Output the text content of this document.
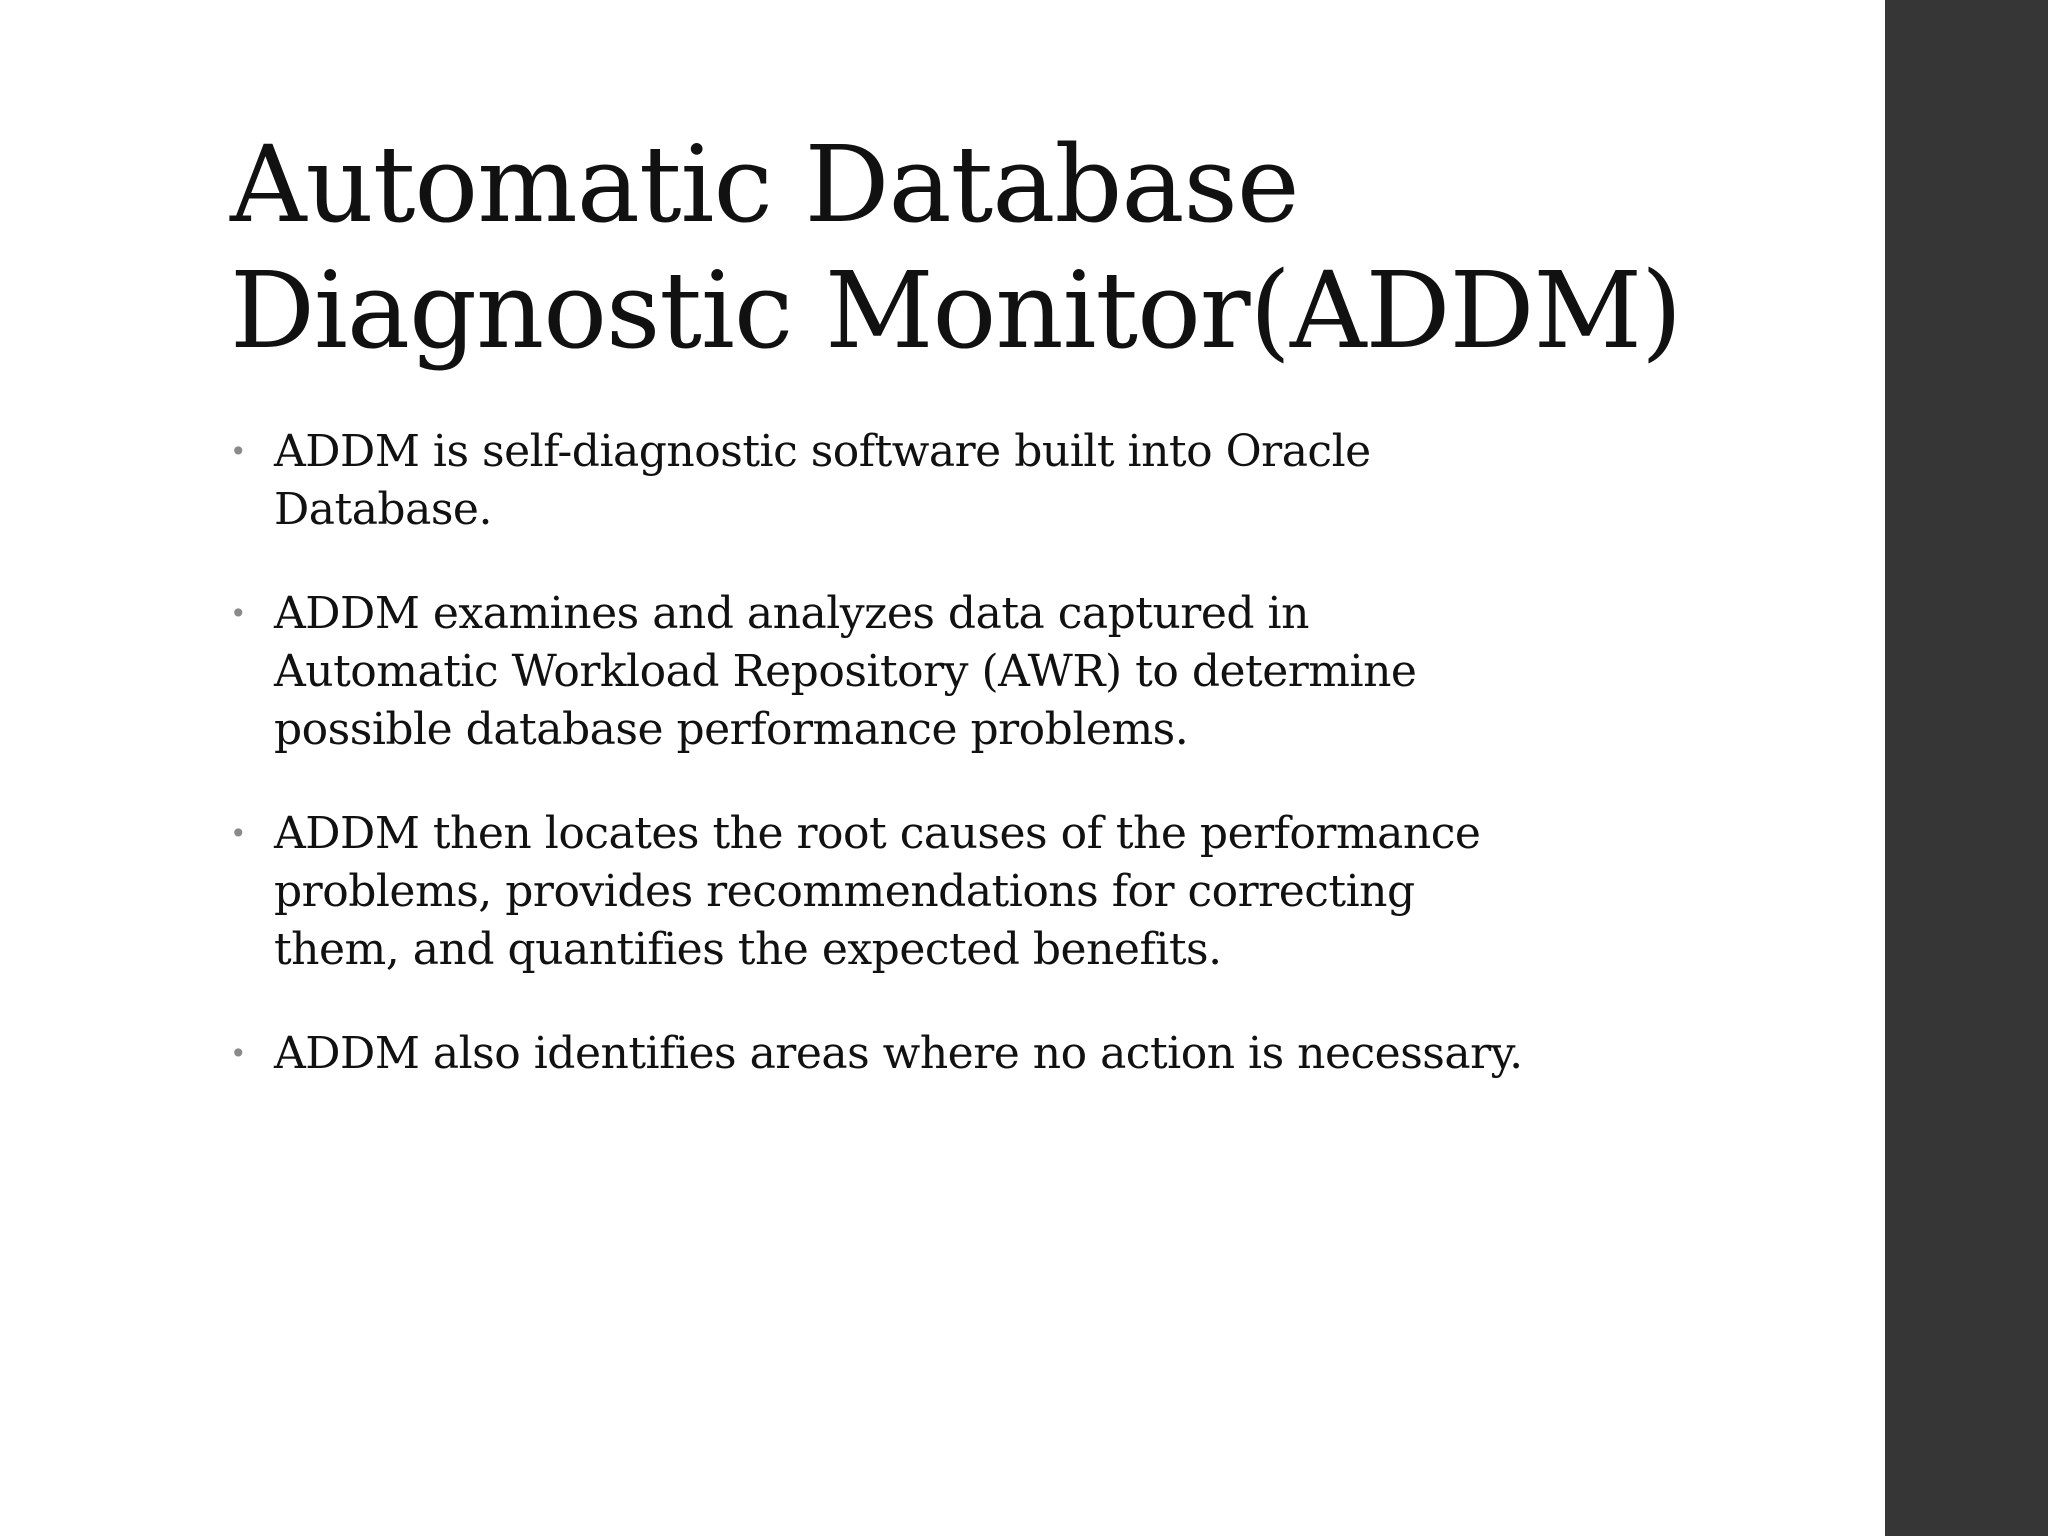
Automatic Database
Diagnostic Monitor(ADDM)
• ADDM is self-diagnostic software built into Oracle
Database.
• ADDM examines and analyzes data captured in
Automatic Workload Repository (AWR) to determine
possible database performance problems.
• ADDM then locates the root causes of the performance
problems, provides recommendations for correcting
them, and quantifies the expected benefits.
• ADDM also identifies areas where no action is necessary.
